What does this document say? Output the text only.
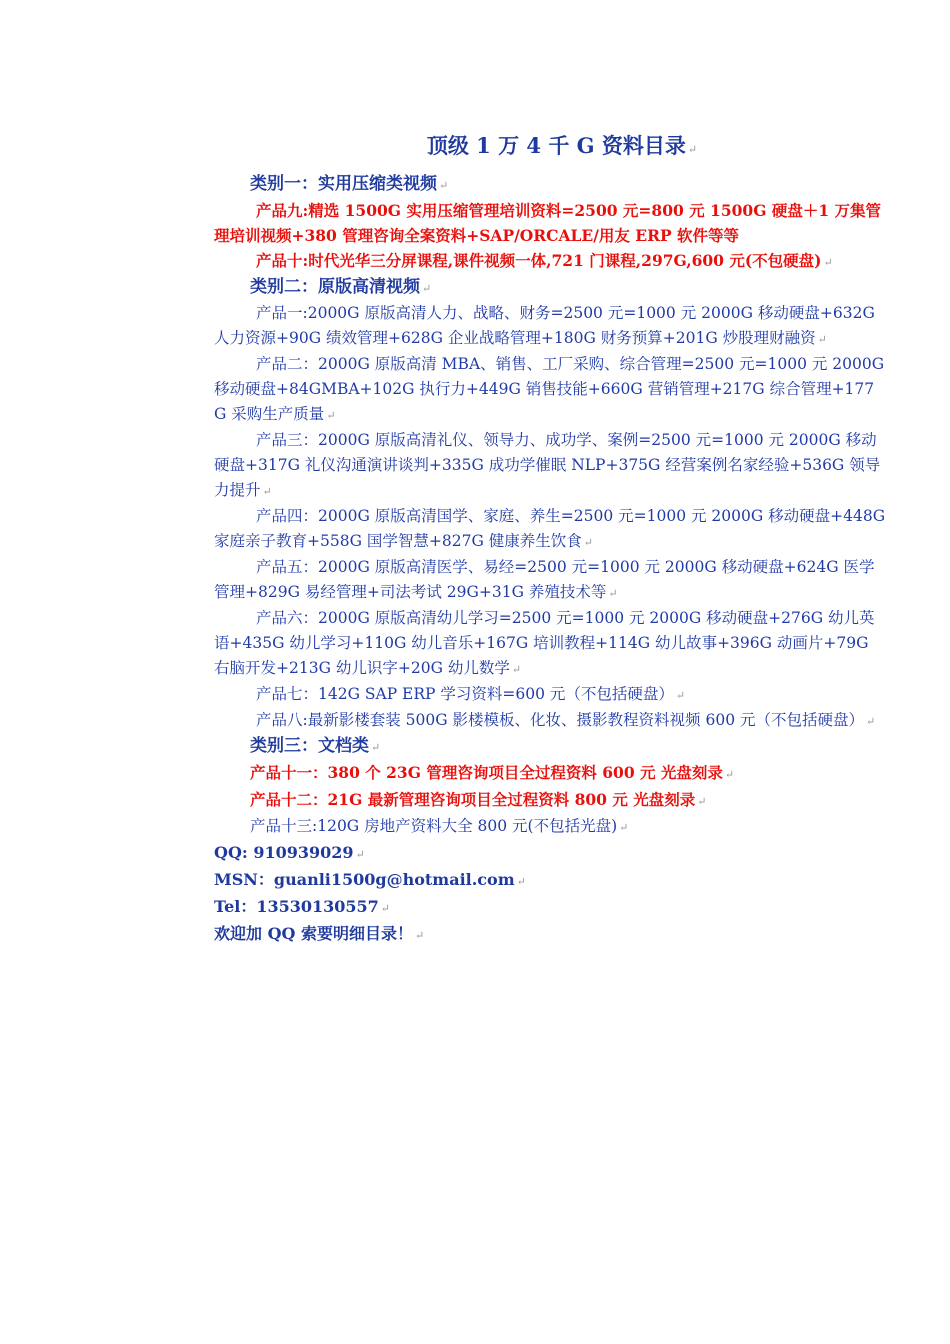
顶级 1 万 4 千 G 资料目录 ↵
类别一：实用压缩类视频 ↵
产品九:精选 1500G 实用压缩管理培训资料=2500 元=800 元 1500G 硬盘＋1 万集管理培训视频+380 管理咨询全案资料+SAP/ORCALE/用友 ERP 软件等等
产品十:时代光华三分屏课程,课件视频一体,721 门课程,297G,600 元(不包硬盘) ↵
类别二：原版高清视频 ↵
产品一:2000G 原版高清人力、战略、财务=2500 元=1000 元 2000G 移动硬盘+632G 人力资源+90G 绩效管理+628G 企业战略管理+180G 财务预算+201G 炒股理财融资 ↵
产品二：2000G 原版高清 MBA、销售、工厂采购、综合管理=2500 元=1000 元 2000G 移动硬盘+84GMBA+102G 执行力+449G 销售技能+660G 营销管理+217G 综合管理+177G 采购生产质量 ↵
产品三：2000G 原版高清礼仪、领导力、成功学、案例=2500 元=1000 元 2000G 移动硬盘+317G 礼仪沟通演讲谈判+335G 成功学催眠 NLP+375G 经营案例名家经验+536G 领导力提升 ↵
产品四：2000G 原版高清国学、家庭、养生=2500 元=1000 元 2000G 移动硬盘+448G 家庭亲子教育+558G 国学智慧+827G 健康养生饮食 ↵
产品五：2000G 原版高清医学、易经=2500 元=1000 元 2000G 移动硬盘+624G 医学管理+829G 易经管理+司法考试 29G+31G 养殖技术等 ↵
产品六：2000G 原版高清幼儿学习=2500 元=1000 元 2000G 移动硬盘+276G 幼儿英语+435G 幼儿学习+110G 幼儿音乐+167G 培训教程+114G 幼儿故事+396G 动画片+79G 右脑开发+213G 幼儿识字+20G 幼儿数学 ↵
产品七：142G SAP ERP 学习资料=600 元（不包括硬盘） ↵
产品八:最新影楼套装 500G 影楼模板、化妆、摄影教程资料视频 600 元（不包括硬盘） ↵
类别三：文档类 ↵
产品十一：380 个 23G 管理咨询项目全过程资料 600 元 光盘刻录 ↵
产品十二：21G 最新管理咨询项目全过程资料 800 元 光盘刻录 ↵
产品十三:120G 房地产资料大全 800 元(不包括光盘) ↵
QQ: 910939029 ↵
MSN：guanli1500g@hotmail.com ↵
Tel：13530130557 ↵
欢迎加 QQ 索要明细目录！ ↵
